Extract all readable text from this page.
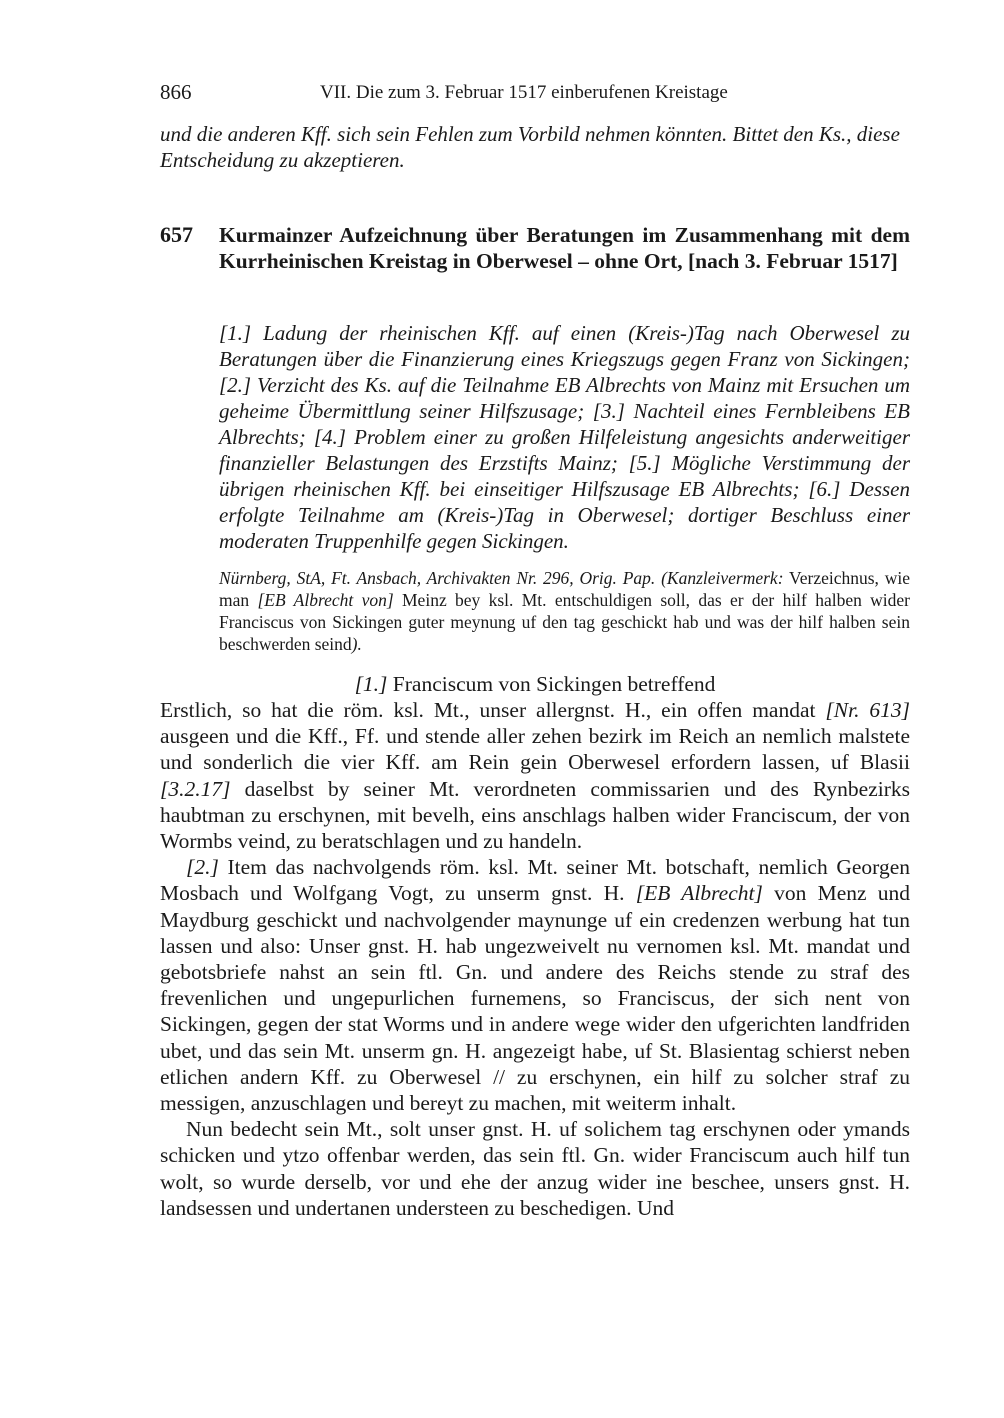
866	VII. Die zum 3. Februar 1517 einberufenen Kreistage
und die anderen Kff. sich sein Fehlen zum Vorbild nehmen könnten. Bittet den Ks., diese Entscheidung zu akzeptieren.
657 Kurmainzer Aufzeichnung über Beratungen im Zusammenhang mit dem Kurrheinischen Kreistag in Oberwesel – ohne Ort, [nach 3. Februar 1517]
[1.] Ladung der rheinischen Kff. auf einen (Kreis-)Tag nach Oberwesel zu Beratungen über die Finanzierung eines Kriegszugs gegen Franz von Sickingen; [2.] Verzicht des Ks. auf die Teilnahme EB Albrechts von Mainz mit Ersuchen um geheime Übermittlung seiner Hilfszusage; [3.] Nachteil eines Fernbleibens EB Albrechts; [4.] Problem einer zu großen Hilfeleistung angesichts anderweitiger finanzieller Belastungen des Erzstifts Mainz; [5.] Mögliche Verstimmung der übrigen rheinischen Kff. bei einseitiger Hilfszusage EB Albrechts; [6.] Dessen erfolgte Teilnahme am (Kreis-)Tag in Oberwesel; dortiger Beschluss einer moderaten Truppenhilfe gegen Sickingen.
Nürnberg, StA, Ft. Ansbach, Archivakten Nr. 296, Orig. Pap. (Kanzleivermerk: Verzeichnus, wie man [EB Albrecht von] Meinz bey ksl. Mt. entschuldigen soll, das er der hilf halben wider Franciscus von Sickingen guter meynung uf den tag geschickt hab und was der hilf halben sein beschwerden seind).
[1.] Franciscum von Sickingen betreffend

Erstlich, so hat die röm. ksl. Mt., unser allergnst. H., ein offen mandat [Nr. 613] ausgeen und die Kff., Ff. und stende aller zehen bezirk im Reich an nemlich malstete und sonderlich die vier Kff. am Rein gein Oberwesel erfordern lassen, uf Blasii [3.2.17] daselbst by seiner Mt. verordneten commissarien und des Rynbezirks haubtman zu erschynen, mit bevelh, eins anschlags halben wider Franciscum, der von Wormbs veind, zu beratschlagen und zu handeln.

[2.] Item das nachvolgends röm. ksl. Mt. seiner Mt. botschaft, nemlich Georgen Mosbach und Wolfgang Vogt, zu unserm gnst. H. [EB Albrecht] von Menz und Maydburg geschickt und nachvolgender maynunge uf ein credenzen werbung hat tun lassen und also: Unser gnst. H. hab ungezweivelt nu vernomen ksl. Mt. mandat und gebotsbriefe nahst an sein ftl. Gn. und andere des Reichs stende zu straf des frevenlichen und ungepurlichen furnemens, so Franciscus, der sich nent von Sickingen, gegen der stat Worms und in andere wege wider den ufgerichten landfriden ubet, und das sein Mt. unserm gn. H. angezeigt habe, uf St. Blasientag schierst neben etlichen andern Kff. zu Oberwesel // zu erschynen, ein hilf zu solcher straf zu messigen, anzuschlagen und bereyt zu machen, mit weiterm inhalt.

Nun bedecht sein Mt., solt unser gnst. H. uf solichem tag erschynen oder ymands schicken und ytzo offenbar werden, das sein ftl. Gn. wider Franciscum auch hilf tun wolt, so wurde derselb, vor und ehe der anzug wider ine beschee, unsers gnst. H. landsessen und undertanen understeen zu beschedigen. Und
